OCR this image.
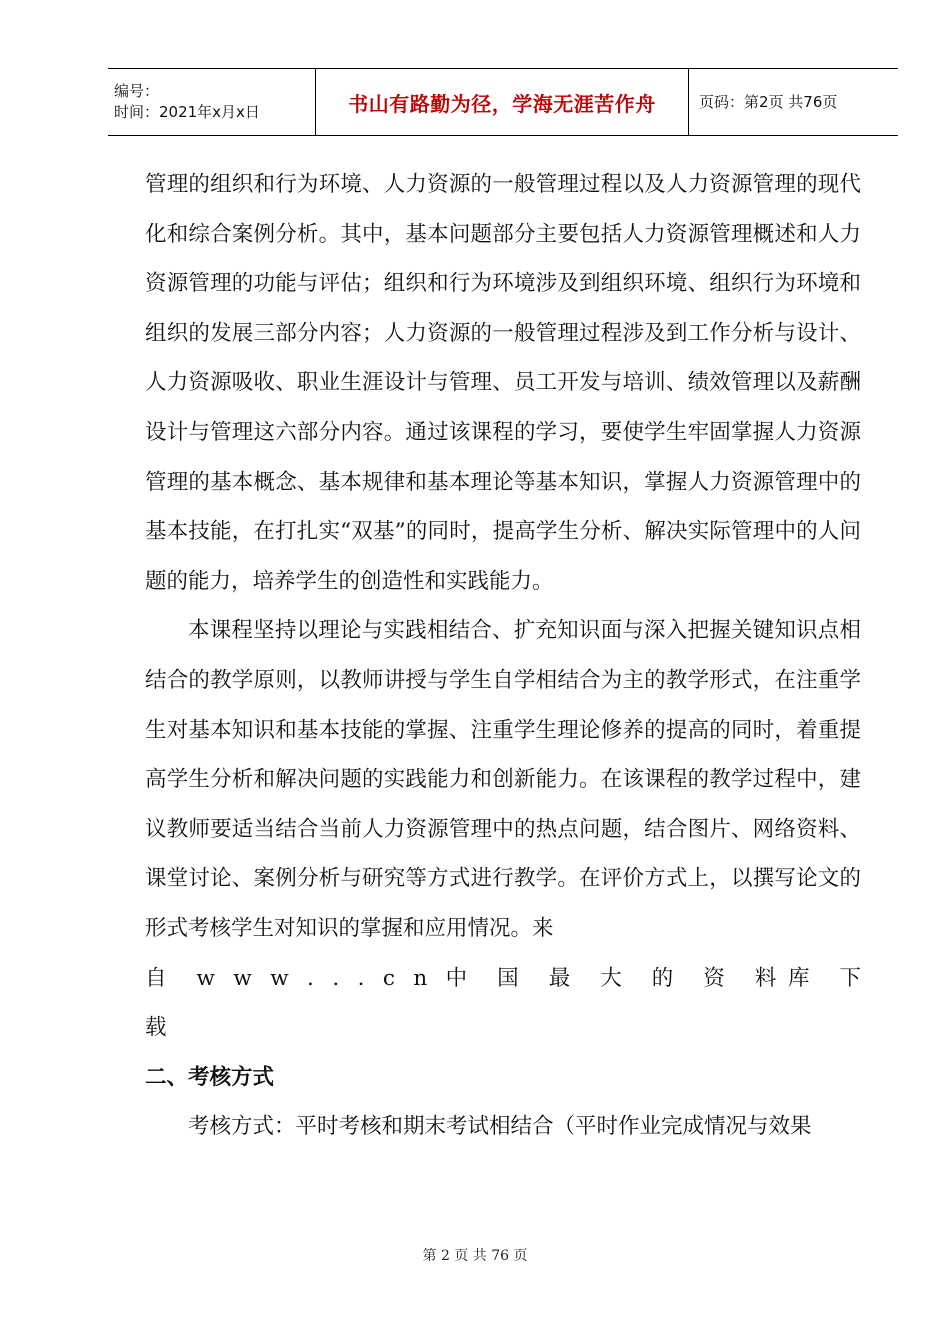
编号：
时间：2021年x月x日	书山有路勤为径，学海无涯苦作舟	页码：第2页 共76页

管理的组织和行为环境、人力资源的一般管理过程以及人力资源管理的现代化和综合案例分析。其中，基本问题部分主要包括人力资源管理概述和人力资源管理的功能与评估；组织和行为环境涉及到组织环境、组织行为环境和组织的发展三部分内容；人力资源的一般管理过程涉及到工作分析与设计、人力资源吸收、职业生涯设计与管理、员工开发与培训、绩效管理以及薪酬设计与管理这六部分内容。通过该课程的学习，要使学生牢固掌握人力资源管理的基本概念、基本规律和基本理论等基本知识，掌握人力资源管理中的基本技能，在打扎实“双基”的同时，提高学生分析、解决实际管理中的人问题的能力，培养学生的创造性和实践能力。

本课程坚持以理论与实践相结合、扩充知识面与深入把握关键知识点相结合的教学原则，以教师讲授与学生自学相结合为主的教学形式，在注重学生对基本知识和基本技能的掌握、注重学生理论修养的提高的同时，着重提高学生分析和解决问题的实践能力和创新能力。在该课程的教学过程中，建议教师要适当结合当前人力资源管理中的热点问题，结合图片、网络资料、课堂讨论、案例分析与研究等方式进行教学。在评价方式上，以撰写论文的形式考核学生对知识的掌握和应用情况。来

自 w w w . . . c n 中 国 最 大 的 资 料库 下

载

二、考核方式

考核方式：平时考核和期末考试相结合（平时作业完成情况与效果

第 2 页 共 76 页
